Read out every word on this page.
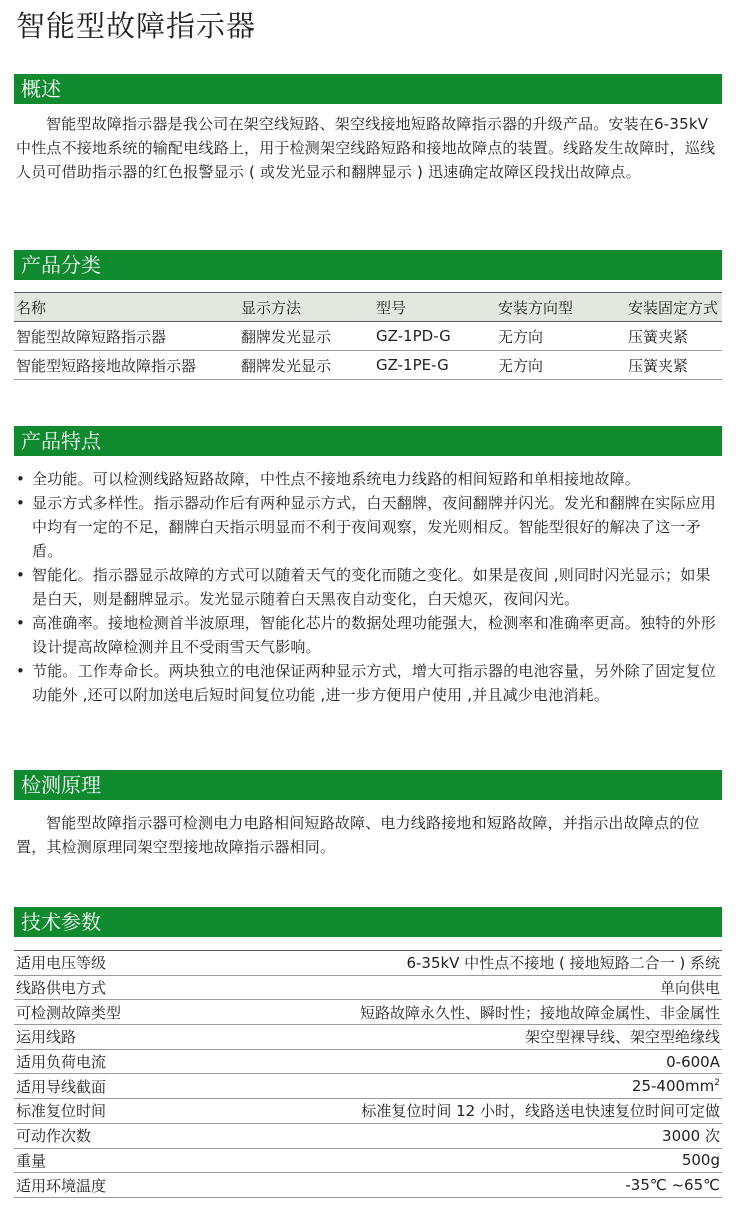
智能型故障指示器
概述

智能型故障指示器是我公司在架空线短路、架空线接地短路故障指示器的升级产品。安装在6-35kV 中性点不接地系统的输配电线路上，用于检测架空线路短路和接地故障点的装置。线路发生故障时，巡线人员可借助指示器的红色报警显示 ( 或发光显示和翻牌显示 ) 迅速确定故障区段找出故障点。

产品分类
名称	显示方法	型号	安装方向型	安装固定方式
智能型故障短路指示器	翻牌发光显示	GZ-1PD-G	无方向	压簧夹紧
智能型短路接地故障指示器	翻牌发光显示	GZ-1PE-G	无方向	压簧夹紧
产品特点
• 全功能。可以检测线路短路故障，中性点不接地系统电力线路的相间短路和单相接地故障。
• 显示方式多样性。指示器动作后有两种显示方式，白天翻牌，夜间翻牌并闪光。发光和翻牌在实际应用中均有一定的不足，翻牌白天指示明显而不利于夜间观察，发光则相反。智能型很好的解决了这一矛盾。
• 智能化。指示器显示故障的方式可以随着天气的变化而随之变化。如果是夜间 ,则同时闪光显示；如果是白天，则是翻牌显示。发光显示随着白天黑夜自动变化，白天熄灭，夜间闪光。
• 高准确率。接地检测首半波原理，智能化芯片的数据处理功能强大，检测率和准确率更高。独特的外形设计提高故障检测并且不受雨雪天气影响。
• 节能。工作寿命长。两块独立的电池保证两种显示方式，增大可指示器的电池容量，另外除了固定复位功能外 ,还可以附加送电后短时间复位功能 ,进一步方便用户使用 ,并且减少电池消耗。
检测原理

智能型故障指示器可检测电力电路相间短路故障、电力线路接地和短路故障，并指示出故障点的位置，其检测原理同架空型接地故障指示器相同。

技术参数
适用电压等级	6-35kV 中性点不接地 ( 接地短路二合一 ) 系统
线路供电方式	单向供电
可检测故障类型	短路故障永久性、瞬时性；接地故障金属性、非金属性
运用线路	架空型裸导线、架空型绝缘线
适用负荷电流	0-600A
适用导线截面	$25-400mm^2$
标准复位时间	标准复位时间 12 小时，线路送电快速复位时间可定做
可动作次数	3000 次
重量	500g
适用环境温度	-35℃ ~65℃
